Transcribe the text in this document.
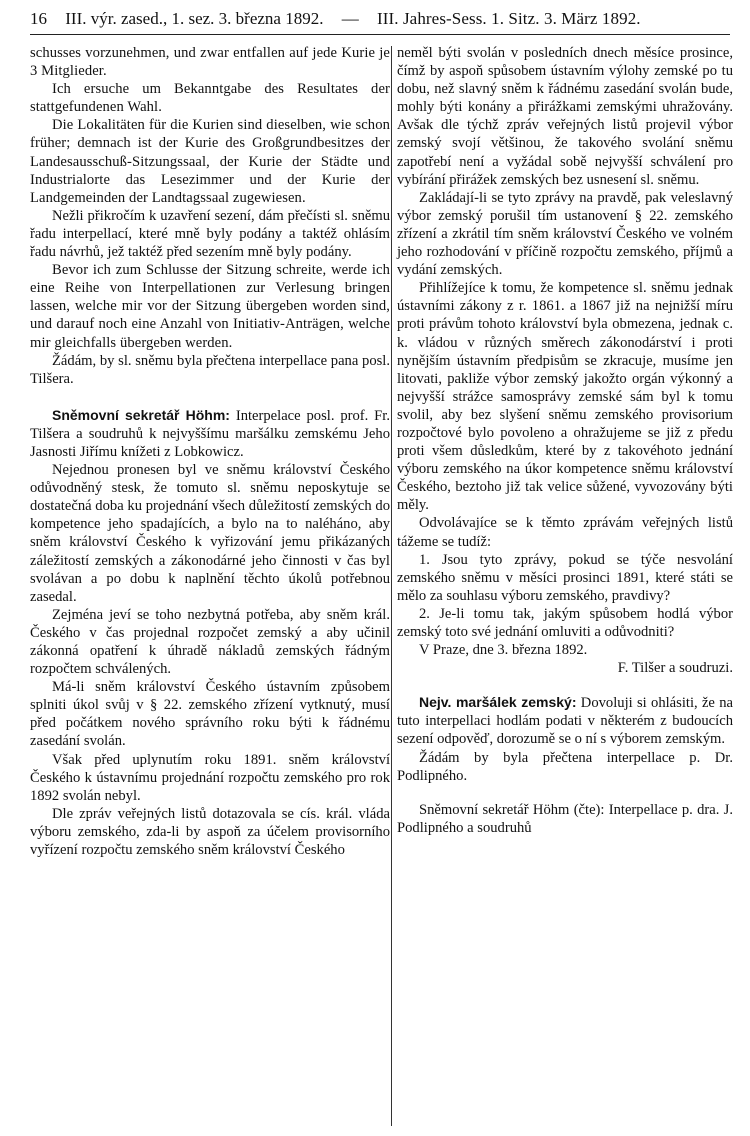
16 III. výr. zased., 1. sez. 3. března 1892. — III. Jahres-Sess. 1. Sitz. 3. März 1892.

schusses vorzunehmen, und zwar entfallen auf jede Kurie je 3 Mitglieder.

Ich ersuche um Bekanntgabe des Resultates der stattgefundenen Wahl.

Die Lokalitäten für die Kurien sind dieselben, wie schon früher; demnach ist der Kurie des Großgrundbesitzes der Landesausschuß-Sitzungssaal, der Kurie der Städte und Industrialorte das Lesezimmer und der Kurie der Landgemeinden der Landtagssaal zugewiesen.

Nežli přikročím k uzavření sezení, dám přečísti sl. sněmu řadu interpellací, které mně byly podány a taktéž ohlásím řadu návrhů, jež taktéž před sezením mně byly podány.

Bevor ich zum Schlusse der Sitzung schreite, werde ich eine Reihe von Interpellationen zur Verlesung bringen lassen, welche mir vor der Sitzung übergeben worden sind, und darauf noch eine Anzahl von Initiativ-Anträgen, welche mir gleichfalls übergeben werden.

Žádám, by sl. sněmu byla přečtena interpellace pana posl. Tilšera.

Sněmovní sekretář Höhm: Interpelace posl. prof. Fr. Tilšera a soudruhů k nejvyššímu maršálku zemskému Jeho Jasnosti Jiřímu knížeti z Lobkowicz.

Nejednou pronesen byl ve sněmu království Českého odůvodněný stesk, že tomuto sl. sněmu neposkytuje se dostatečná doba ku projednání všech důležitostí zemských do kompetence jeho spadajících, a bylo na to naléháno, aby sněm království Českého k vyřizování jemu přikázaných záležitostí zemských a zákonodárné jeho činnosti v čas byl svolávan a po dobu k naplnění těchto úkolů potřebnou zasedal.

Zejména jeví se toho nezbytná potřeba, aby sněm král. Českého v čas projednal rozpočet zemský a aby učinil zákonná opatření k úhradě nákladů zemských řádným rozpočtem schválených.

Má-li sněm království Českého ústavním způsobem splniti úkol svůj v § 22. zemského zřízení vytknutý, musí před počátkem nového správního roku býti k řádnému zasedání svolán.

Však před uplynutím roku 1891. sněm království Českého k ústavnímu projednání rozpočtu zemského pro rok 1892 svolán nebyl.

Dle zpráv veřejných listů dotazovala se cís. král. vláda výboru zemského, zda-li by aspoň za účelem provisorního vyřízení rozpočtu zemského sněm království Českého

neměl býti svolán v posledních dnech měsíce prosince, čímž by aspoň spůsobem ústavním výlohy zemské po tu dobu, než slavný sněm k řádnému zasedání svolán bude, mohly býti konány a přirážkami zemskými uhražovány. Avšak dle týchž zpráv veřejných listů projevil výbor zemský svojí většinou, že takového svolání sněmu zapotřebí není a vyžádal sobě nejvyšší schválení pro vybírání přirážek zemských bez usnesení sl. sněmu.

Zakládají-li se tyto zprávy na pravdě, pak veleslavný výbor zemský porušil tím ustanovení § 22. zemského zřízení a zkrátil tím sněm království Českého ve volném jeho rozhodování v příčině rozpočtu zemského, příjmů a vydání zemských.

Přihlížejíce k tomu, že kompetence sl. sněmu jednak ústavními zákony z r. 1861. a 1867 již na nejnižší míru proti právům tohoto království byla obmezena, jednak c. k. vládou v různých směrech zákonodárství i proti nynějším ústavním předpisům se zkracuje, musíme jen litovati, pakliže výbor zemský jakožto orgán výkonný a nejvyšší strážce samosprávy zemské sám byl k tomu svolil, aby bez slyšení sněmu zemského provisorium rozpočtové bylo povoleno a ohražujeme se již z předu proti všem důsledkům, které by z takovéhoto jednání výboru zemského na úkor kompetence sněmu království Českého, beztoho již tak velice sůžené, vyvozovány býti měly.

Odvolávajíce se k těmto zprávám veřejných listů tážeme se tudíž:

1. Jsou tyto zprávy, pokud se týče nesvolání zemského sněmu v měsíci prosinci 1891, které státi se mělo za souhlasu výboru zemského, pravdivy?

2. Je-li tomu tak, jakým spůsobem hodlá výbor zemský toto své jednání omluviti a odůvodniti?

V Praze, dne 3. března 1892.

F. Tilšer a soudruzi.

Nejv. maršálek zemský: Dovoluji si ohlásiti, že na tuto interpellaci hodlám podati v některém z budoucích sezení odpověď, dorozumě se o ní s výborem zemským.

Žádám by byla přečtena interpellace p. Dr. Podlipného.

Sněmovní sekretář Höhm (čte): Interpellace p. dra. J. Podlipného a soudruhů
